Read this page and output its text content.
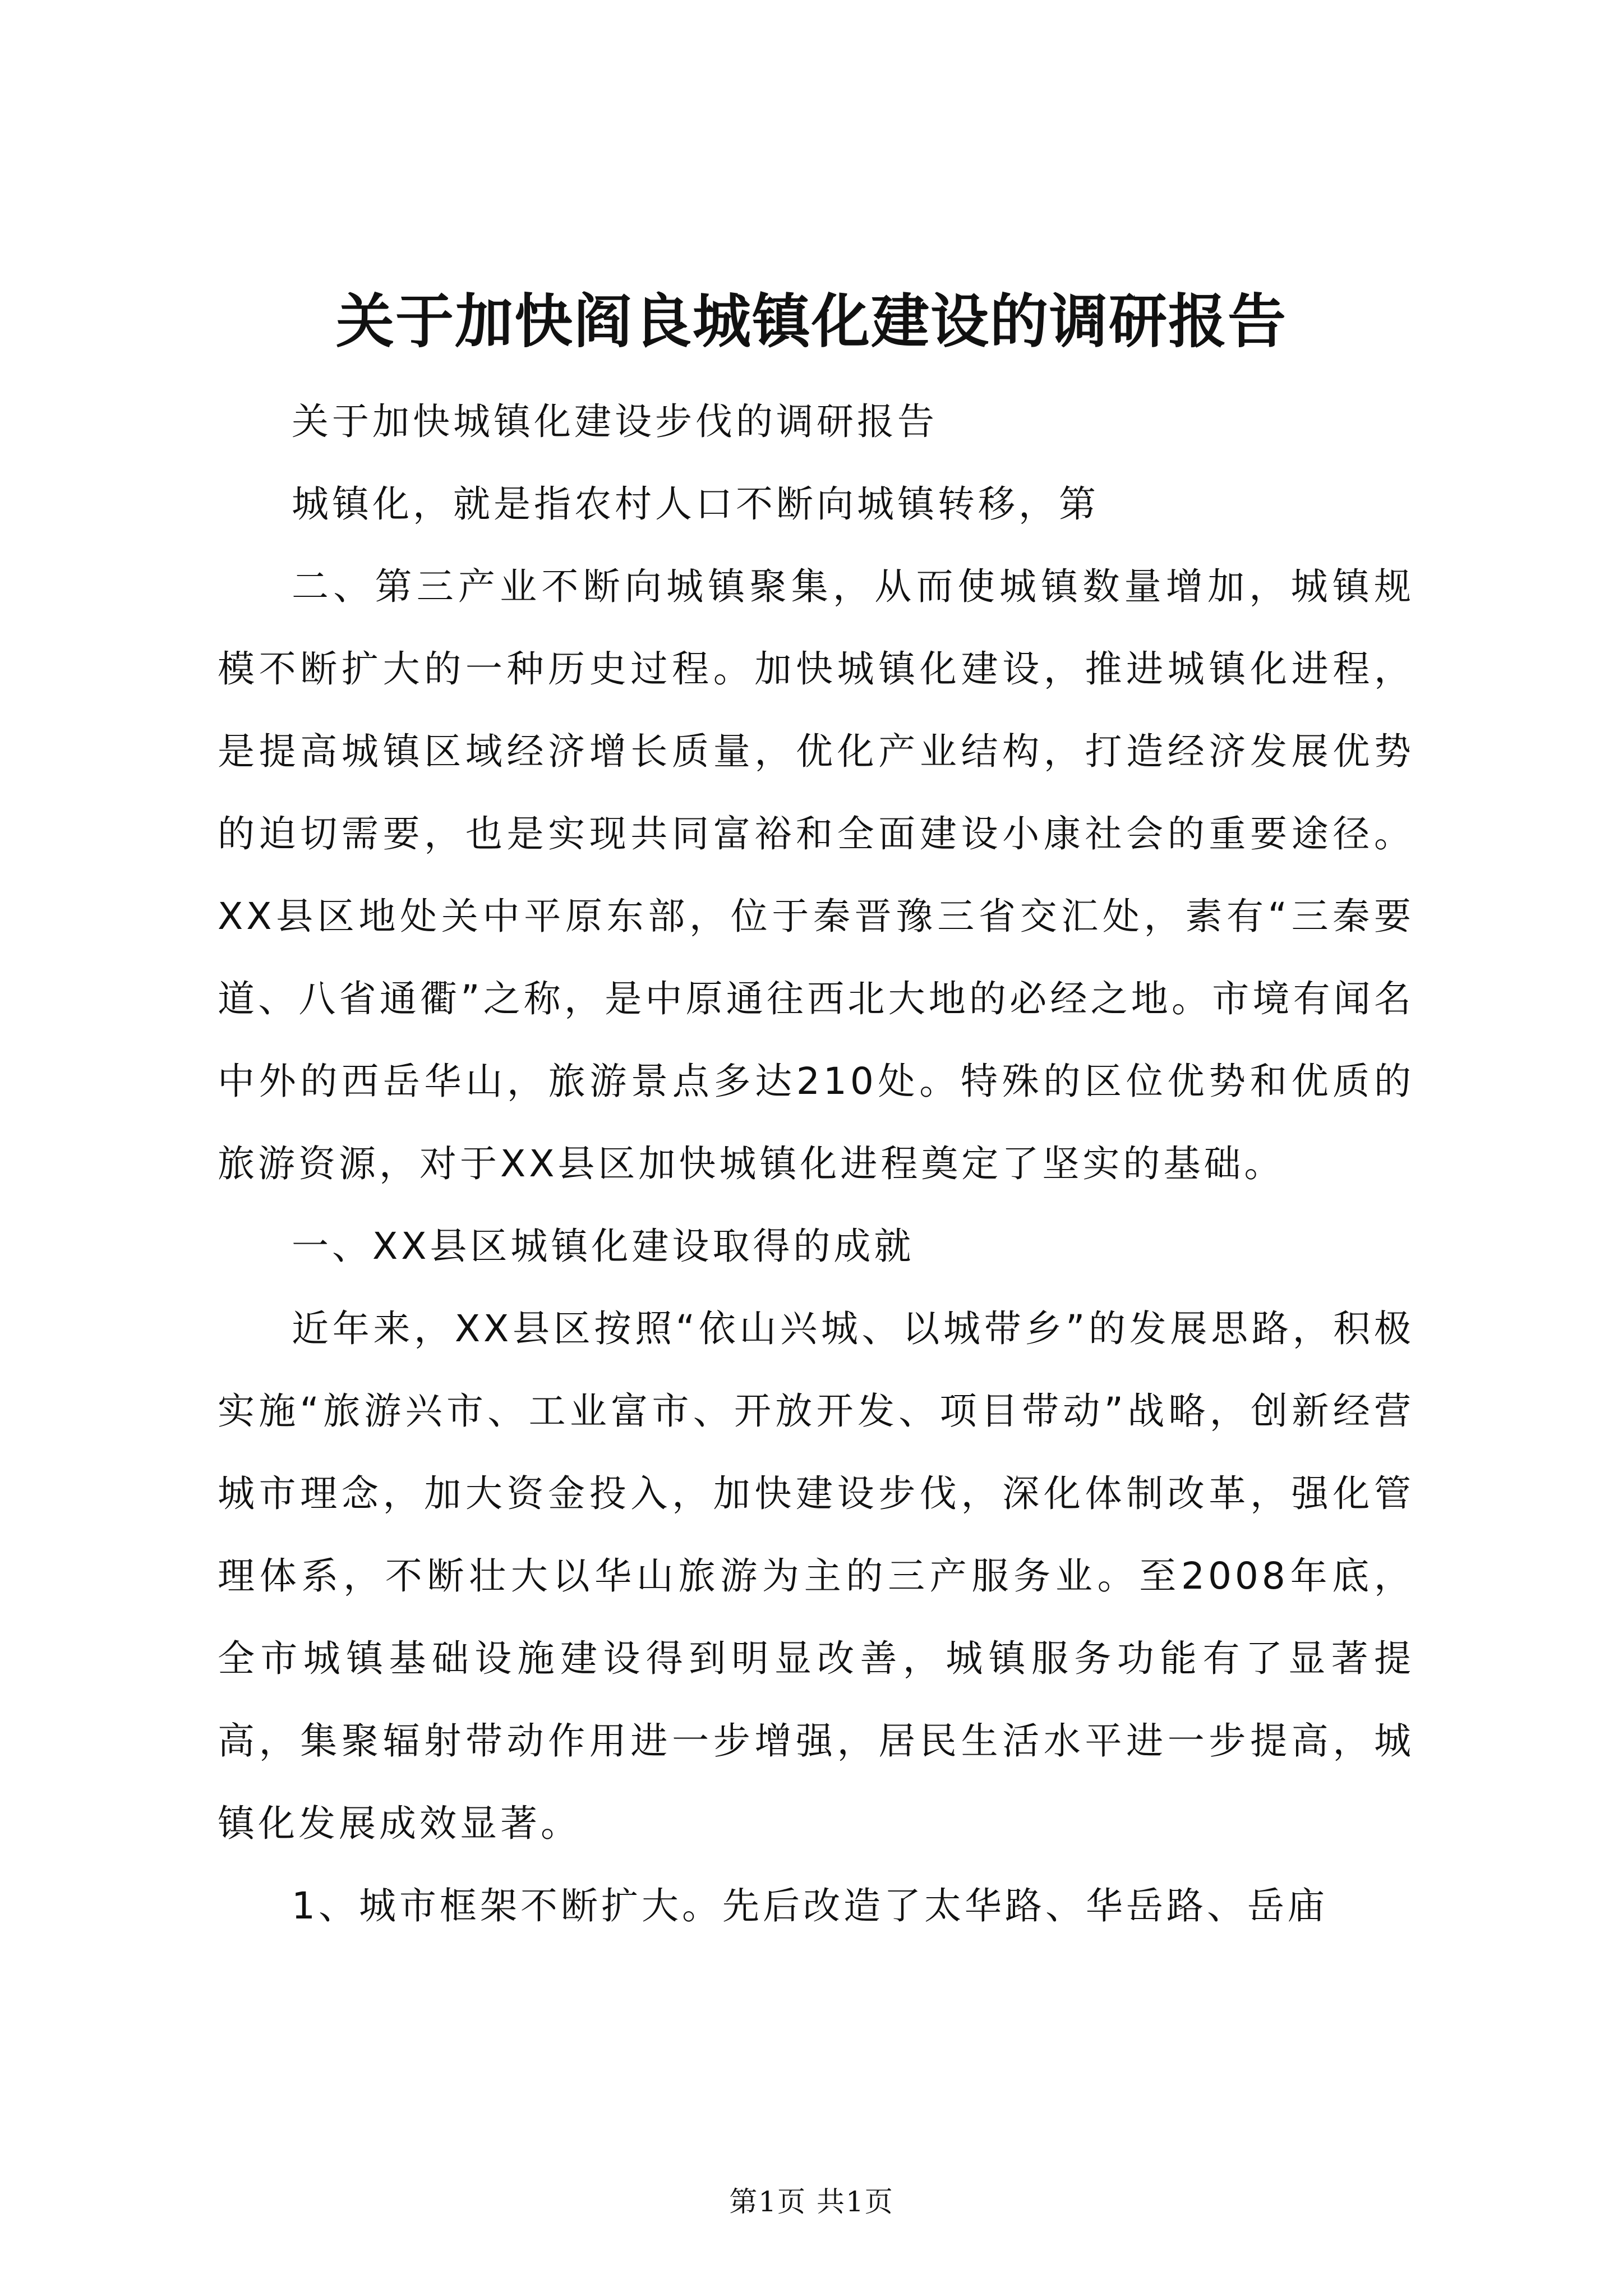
关于加快阎良城镇化建设的调研报告

关于加快城镇化建设步伐的调研报告

城镇化，就是指农村人口不断向城镇转移，第

二、第三产业不断向城镇聚集，从而使城镇数量增加，城镇规模不断扩大的一种历史过程。加快城镇化建设，推进城镇化进程，是提高城镇区域经济增长质量，优化产业结构，打造经济发展优势的迫切需要，也是实现共同富裕和全面建设小康社会的重要途径。XX县区地处关中平原东部，位于秦晋豫三省交汇处，素有“三秦要道、八省通衢”之称，是中原通往西北大地的必经之地。市境有闻名中外的西岳华山，旅游景点多达210处。特殊的区位优势和优质的旅游资源，对于XX县区加快城镇化进程奠定了坚实的基础。

一、XX县区城镇化建设取得的成就

近年来，XX县区按照“依山兴城、以城带乡”的发展思路，积极实施“旅游兴市、工业富市、开放开发、项目带动”战略，创新经营城市理念，加大资金投入，加快建设步伐，深化体制改革，强化管理体系，不断壮大以华山旅游为主的三产服务业。至2008年底，全市城镇基础设施建设得到明显改善，城镇服务功能有了显著提高，集聚辐射带动作用进一步增强，居民生活水平进一步提高，城镇化发展成效显著。

1、城市框架不断扩大。先后改造了太华路、华岳路、岳庙

第1页 共1页
